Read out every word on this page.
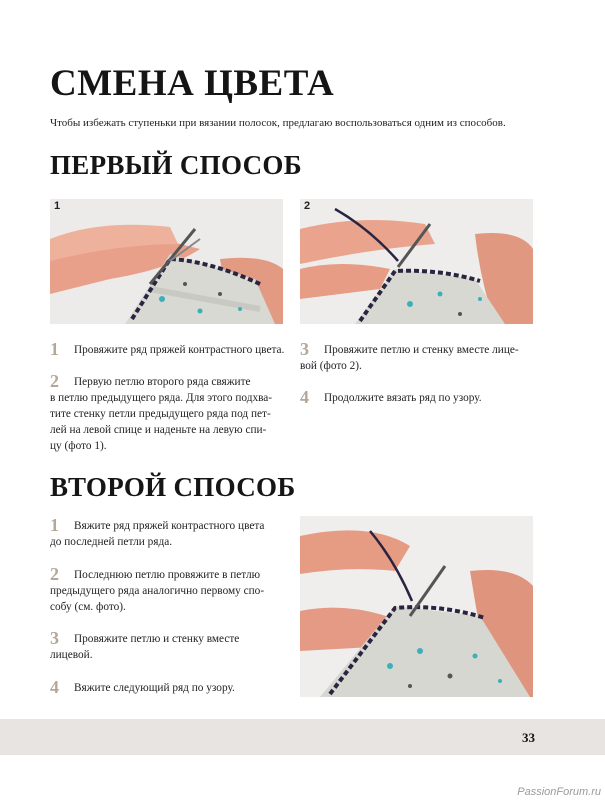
СМЕНА ЦВЕТА

Чтобы избежать ступеньки при вязании полосок, предлагаю воспользоваться одним из способов.

ПЕРВЫЙ СПОСОБ
1	2
1 Провяжите ряд пряжей контрастного цвета.
2 Первую петлю второго ряда свяжите
в петлю предыдущего ряда. Для этого подхва-
тите стенку петли предыдущего ряда под пет-
лей на левой спице и наденьте на левую спи-
цу (фото 1).
3 Провяжите петлю и стенку вместе лице-
вой (фото 2).
4 Продолжите вязать ряд по узору.
ВТОРОЙ СПОСОБ
1 Вяжите ряд пряжей контрастного цвета
до последней петли ряда.
2 Последнюю петлю провяжите в петлю
предыдущего ряда аналогично первому спо-
собу (см. фото).
3 Провяжите петлю и стенку вместе
лицевой.
4 Вяжите следующий ряд по узору.
33
PassionForum.ru
